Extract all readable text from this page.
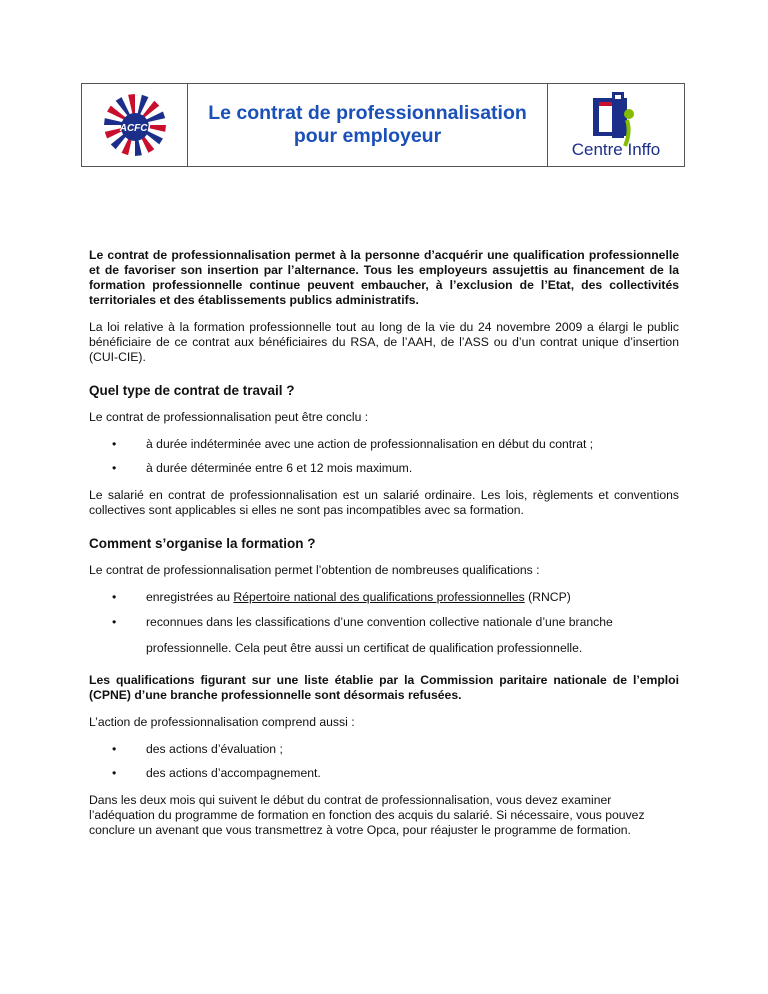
ACFCI

Le contrat de professionnalisation

pour employeur

Centre Inffo

Le contrat de professionnalisation permet à la personne d’acquérir une qualification professionnelle et de favoriser son insertion par l’alternance. Tous les employeurs assujettis au financement de la formation professionnelle continue peuvent embaucher, à l’exclusion de l’Etat, des collectivités territoriales et des établissements publics administratifs.

La loi relative à la formation professionnelle tout au long de la vie du 24 novembre 2009 a élargi le public bénéficiaire de ce contrat aux bénéficiaires du RSA, de l’AAH, de l’ASS ou d’un contrat unique d’insertion (CUI-CIE).

Quel type de contrat de travail ?

Le contrat de professionnalisation peut être conclu :

• à durée indéterminée avec une action de professionnalisation en début du contrat ;
• à durée déterminée entre 6 et 12 mois maximum.

Le salarié en contrat de professionnalisation est un salarié ordinaire. Les lois, règlements et conventions collectives sont applicables si elles ne sont pas incompatibles avec sa formation.

Comment s’organise la formation ?

Le contrat de professionnalisation permet l’obtention de nombreuses qualifications :

• enregistrées au Répertoire national des qualifications professionnelles (RNCP)
• reconnues dans les classifications d’une convention collective nationale d’une branche professionnelle. Cela peut être aussi un certificat de qualification professionnelle.

Les qualifications figurant sur une liste établie par la Commission paritaire nationale de l’emploi (CPNE) d’une branche professionnelle sont désormais refusées.

L’action de professionnalisation comprend aussi :

• des actions d’évaluation ;
• des actions d’accompagnement.

Dans les deux mois qui suivent le début du contrat de professionnalisation, vous devez examiner l’adéquation du programme de formation en fonction des acquis du salarié. Si nécessaire, vous pouvez conclure un avenant que vous transmettrez à votre Opca, pour réajuster le programme de formation.
